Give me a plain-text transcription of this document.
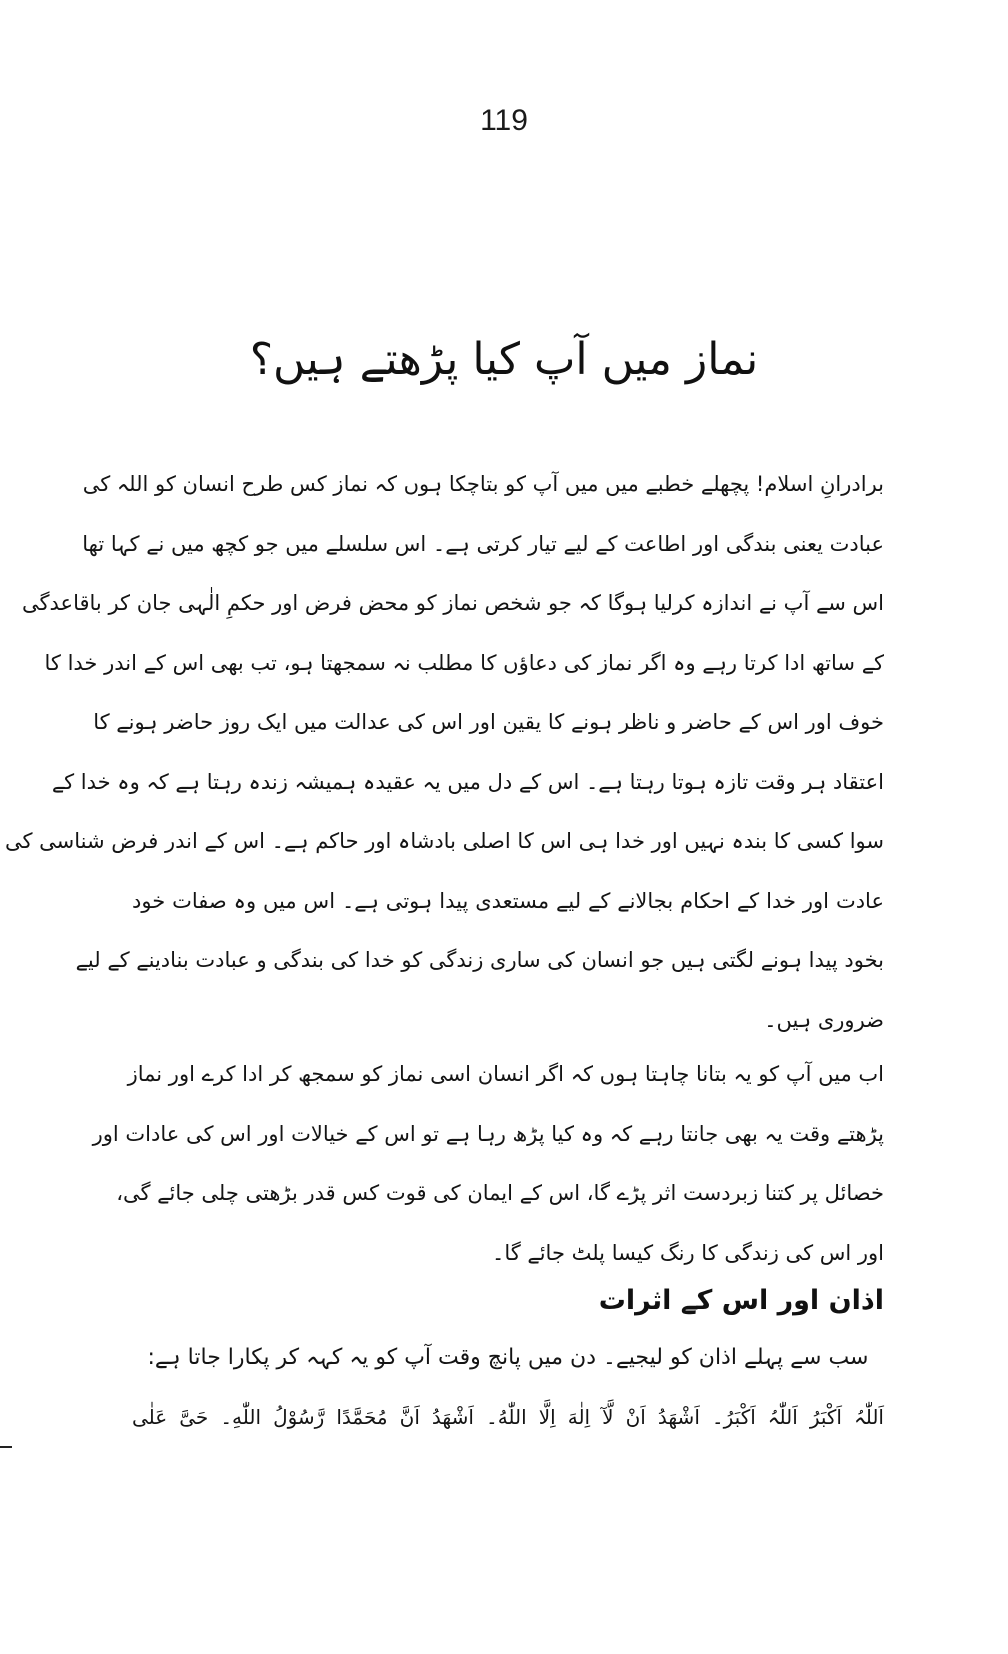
119
نماز میں آپ کیا پڑھتے ہیں؟
برادرانِ اسلام! پچھلے خطبے میں میں آپ کو بتاچکا ہوں کہ نماز کس طرح انسان کو اللہ کی
عبادت یعنی بندگی اور اطاعت کے لیے تیار کرتی ہے۔ اس سلسلے میں جو کچھ میں نے کہا تھا
اس سے آپ نے اندازہ کرلیا ہوگا کہ جو شخص نماز کو محض فرض اور حکمِ الٰہی جان کر باقاعدگی
کے ساتھ ادا کرتا رہے وہ اگر نماز کی دعاؤں کا مطلب نہ سمجھتا ہو، تب بھی اس کے اندر خدا کا
خوف اور اس کے حاضر و ناظر ہونے کا یقین اور اس کی عدالت میں ایک روز حاضر ہونے کا
اعتقاد ہر وقت تازہ ہوتا رہتا ہے۔ اس کے دل میں یہ عقیدہ ہمیشہ زندہ رہتا ہے کہ وہ خدا کے
سوا کسی کا بندہ نہیں اور خدا ہی اس کا اصلی بادشاہ اور حاکم ہے۔ اس کے اندر فرض شناسی کی
عادت اور خدا کے احکام بجالانے کے لیے مستعدی پیدا ہوتی ہے۔ اس میں وہ صفات خود
بخود پیدا ہونے لگتی ہیں جو انسان کی ساری زندگی کو خدا کی بندگی و عبادت بنادینے کے لیے
ضروری ہیں۔
اب میں آپ کو یہ بتانا چاہتا ہوں کہ اگر انسان اسی نماز کو سمجھ کر ادا کرے اور نماز
پڑھتے وقت یہ بھی جانتا رہے کہ وہ کیا پڑھ رہا ہے تو اس کے خیالات اور اس کی عادات اور
خصائل پر کتنا زبردست اثر پڑے گا، اس کے ایمان کی قوت کس قدر بڑھتی چلی جائے گی،
اور اس کی زندگی کا رنگ کیسا پلٹ جائے گا۔
اذان اور اس کے اثرات
سب سے پہلے اذان کو لیجیے۔ دن میں پانچ وقت آپ کو یہ کہہ کر پکارا جاتا ہے:
اَللّٰہُ اَکْبَرُ اَللّٰہُ اَکْبَرُ۔ اَشْهَدُ اَنْ لَّآ اِلٰهَ اِلَّا اللّٰهُ۔ اَشْهَدُ اَنَّ مُحَمَّدًا رَّسُوْلُ اللّٰهِ۔ حَیَّ عَلٰی
